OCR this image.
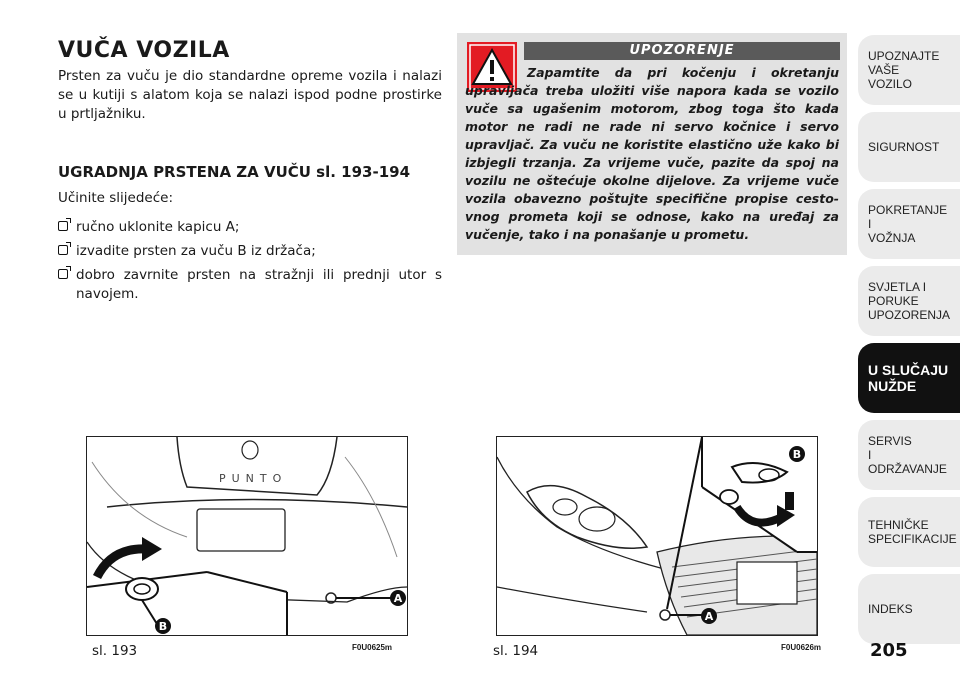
VUČA VOZILA
Prsten za vuču je dio standardne opreme vozila i nalazi se u kutiji s alatom koja se nalazi ispod podne prostirke u prtljažniku.
UGRADNJA PRSTENA ZA VUČU sl. 193-194
Učinite slijedeće:
ručno uklonite kapicu A;
izvadite prsten za vuču B iz držača;
dobro zavrnite prsten na stražnji ili prednji utor s navojem.
UPOZORENJE
Zapamtite da pri kočenju i okretanju upravljača treba uložiti više napora kada se vozilo vuče sa ugašenim motorom, zbog toga što kada motor ne radi ne rade ni servo kočnice i servo upravljač. Za vuču ne koristite elastično uže kako bi izbjegli trzanja. Za vrijeme vuče, pazite da spoj na vozilu ne oštećuje okolne dijelove. Za vrijeme vuče vozila obavezno poštujte specifične propise cesto-vnog prometa koji se odnose, kako na uređaj za vučenje, tako i na ponašanje u prometu.
PUNTO
A
B
sl. 193	F0U0625m
A
B
sl. 194	F0U0626m
UPOZNAJTE
VAŠE
VOZILO
SIGURNOST
POKRETANJE
I
VOŽNJA
SVJETLA I
PORUKE
UPOZORENJA
U SLUČAJU
NUŽDE
SERVIS
I
ODRŽAVANJE
TEHNIČKE
SPECIFIKACIJE
INDEKS
205
